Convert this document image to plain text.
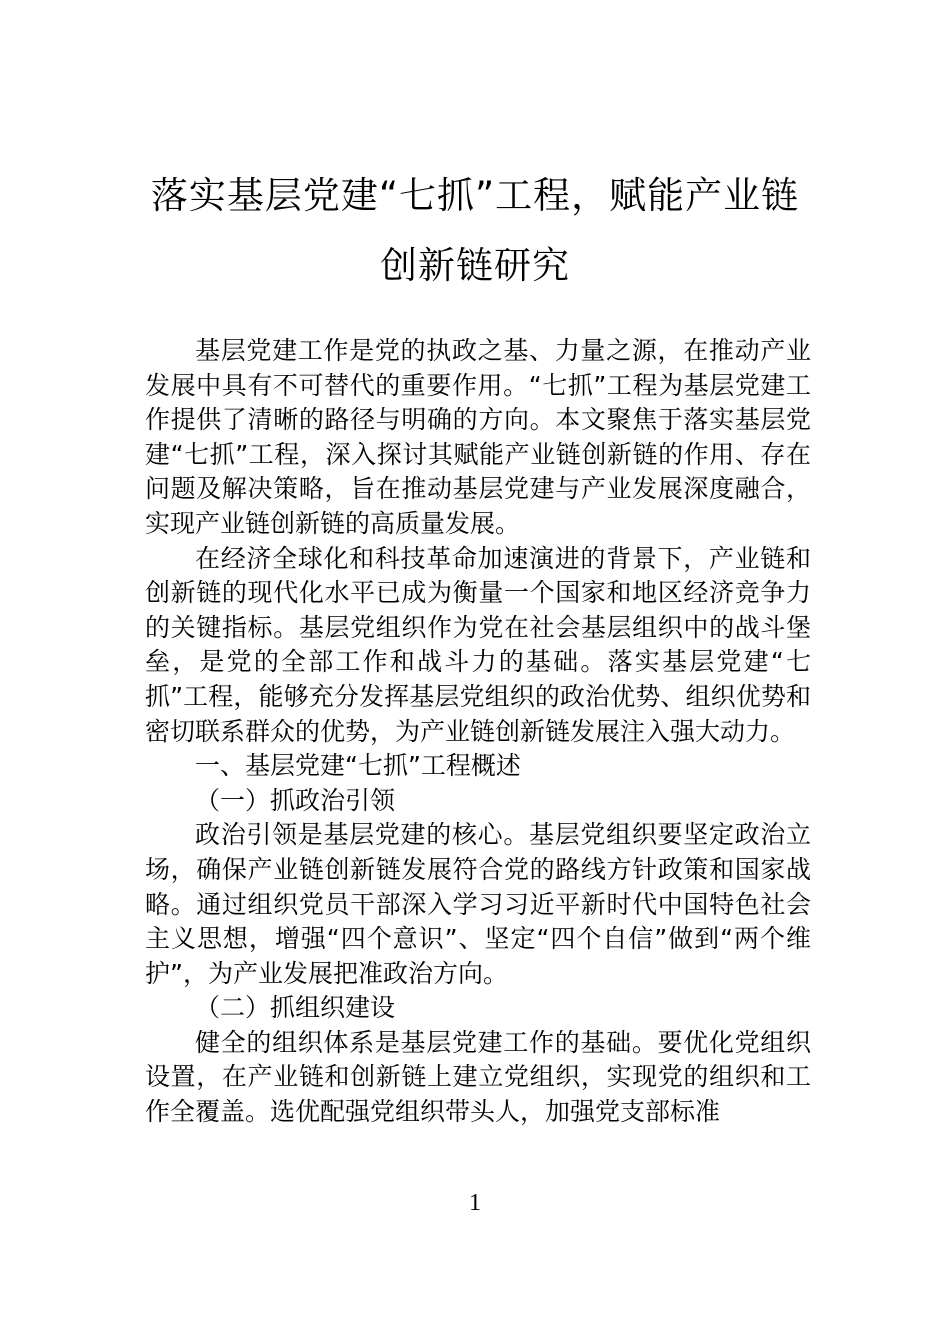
落实基层党建“七抓”工程，赋能产业链
创新链研究

基层党建工作是党的执政之基、力量之源，在推动产业发展中具有不可替代的重要作用。“七抓”工程为基层党建工作提供了清晰的路径与明确的方向。本文聚焦于落实基层党建“七抓”工程，深入探讨其赋能产业链创新链的作用、存在问题及解决策略，旨在推动基层党建与产业发展深度融合，实现产业链创新链的高质量发展。

在经济全球化和科技革命加速演进的背景下，产业链和创新链的现代化水平已成为衡量一个国家和地区经济竞争力的关键指标。基层党组织作为党在社会基层组织中的战斗堡垒，是党的全部工作和战斗力的基础。落实基层党建“七抓”工程，能够充分发挥基层党组织的政治优势、组织优势和密切联系群众的优势，为产业链创新链发展注入强大动力。

一、基层党建“七抓”工程概述

（一）抓政治引领

政治引领是基层党建的核心。基层党组织要坚定政治立场，确保产业链创新链发展符合党的路线方针政策和国家战略。通过组织党员干部深入学习习近平新时代中国特色社会主义思想，增强“四个意识”、坚定“四个自信”做到“两个维护”，为产业发展把准政治方向。

（二）抓组织建设

健全的组织体系是基层党建工作的基础。要优化党组织设置，在产业链和创新链上建立党组织，实现党的组织和工作全覆盖。选优配强党组织带头人，加强党支部标准

1
